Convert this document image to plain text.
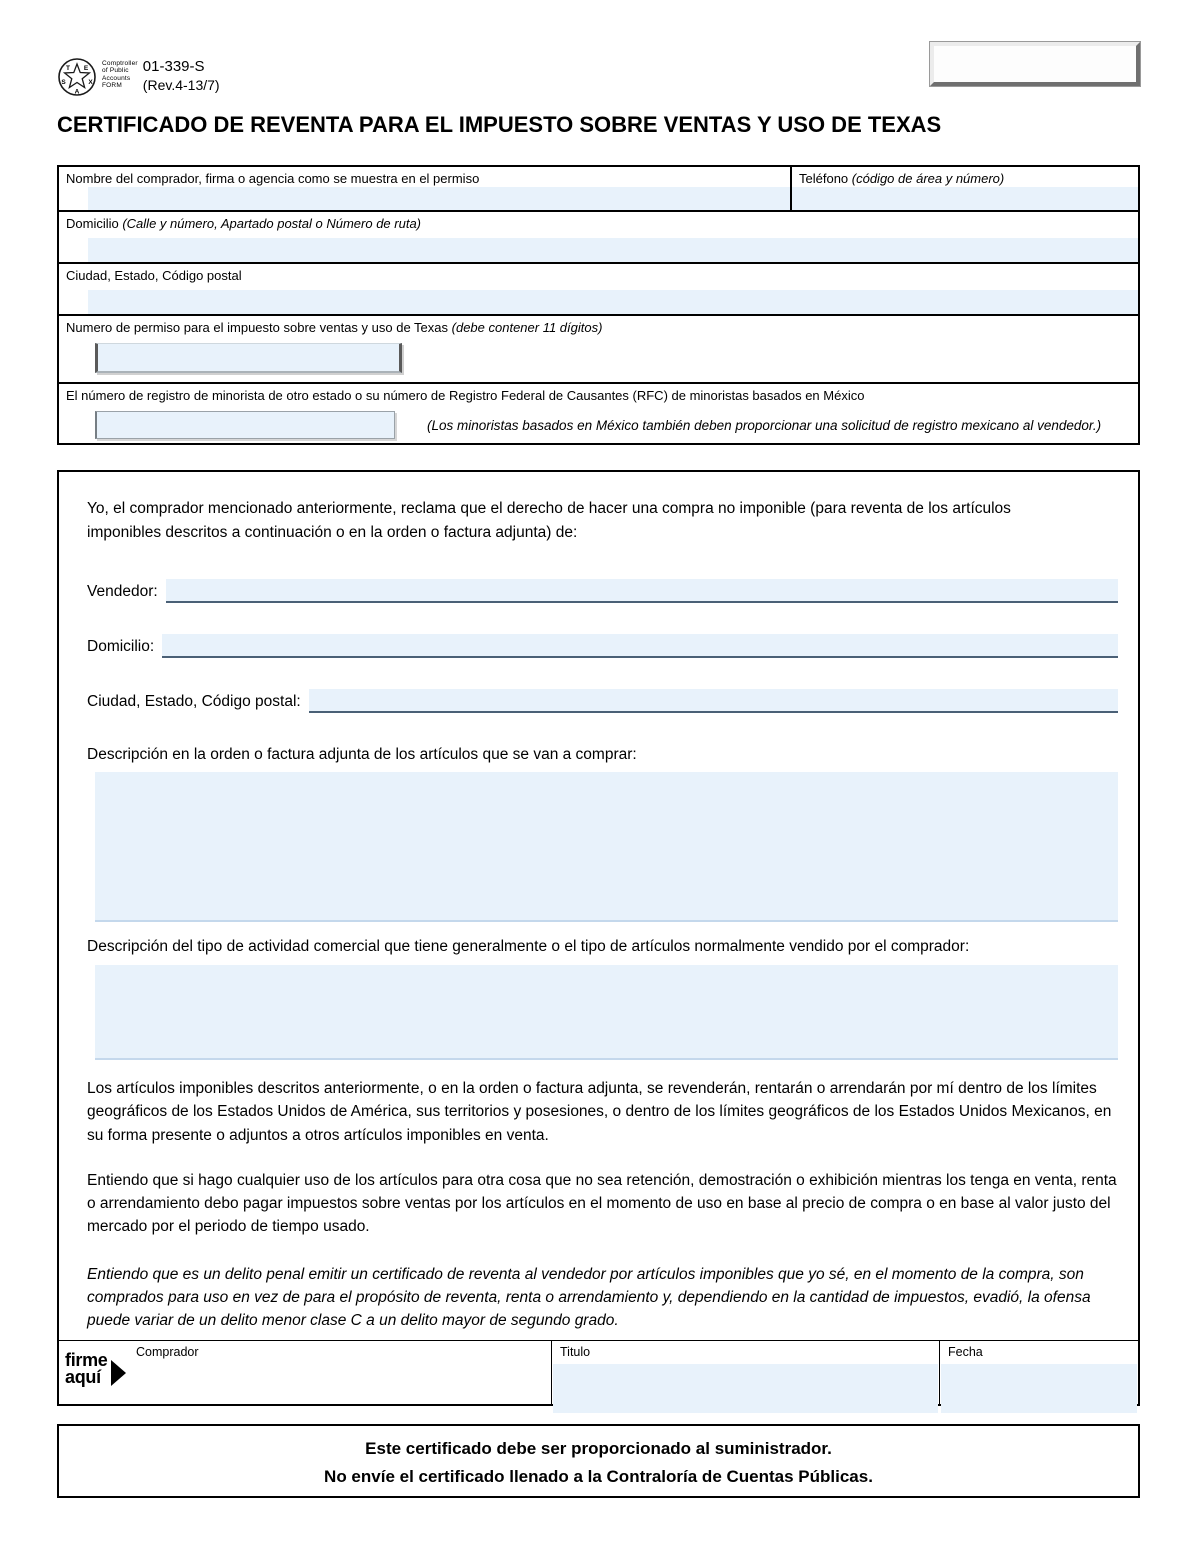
T E
X
A
S
Comptroller
of Public
Accounts
FORM
01-339-S
(Rev.4-13/7)
CERTIFICADO DE REVENTA PARA EL IMPUESTO SOBRE VENTAS Y USO DE TEXAS
Nombre del comprador, firma o agencia como se muestra en el permiso	Teléfono (código de área y número)
Domicilio (Calle y número, Apartado postal o Número de ruta)
Ciudad, Estado, Código postal
Numero de permiso para el impuesto sobre ventas y uso de Texas (debe contener 11 dígitos)
El número de registro de minorista de otro estado o su número de Registro Federal de Causantes (RFC) de minoristas basados en México
(Los minoristas basados en México también deben proporcionar una solicitud de registro mexicano al vendedor.)
Yo, el comprador mencionado anteriormente, reclama que el derecho de hacer una compra no imponible (para reventa de los artículos imponibles descritos a continuación o en la orden o factura adjunta) de:
Vendedor:
Domicilio:
Ciudad, Estado, Código postal:
Descripción en la orden o factura adjunta de los artículos que se van a comprar:
Descripción del tipo de actividad comercial que tiene generalmente o el tipo de artículos normalmente vendido por el comprador:
Los artículos imponibles descritos anteriormente, o en la orden o factura adjunta, se revenderán, rentarán o arrendarán por mí dentro de los límites geográficos de los Estados Unidos de América, sus territorios y posesiones, o dentro de los límites geográficos de los Estados Unidos Mexicanos, en su forma presente o adjuntos a otros artículos imponibles en venta.
Entiendo que si hago cualquier uso de los artículos para otra cosa que no sea retención, demostración o exhibición mientras los tenga en venta, renta o arrendamiento debo pagar impuestos sobre ventas por los artículos en el momento de uso en base al precio de compra o en base al valor justo del mercado por el periodo de tiempo usado.
Entiendo que es un delito penal emitir un certificado de reventa al vendedor por artículos imponibles que yo sé, en el momento de la compra, son comprados para uso en vez de para el propósito de reventa, renta o arrendamiento y, dependiendo en la cantidad de impuestos, evadió, la ofensa puede variar de un delito menor clase C a un delito mayor de segundo grado.
Comprador
firme
aquí
Titulo	Fecha
Este certificado debe ser proporcionado al suministrador.
No envíe el certificado llenado a la Contraloría de Cuentas Públicas.
